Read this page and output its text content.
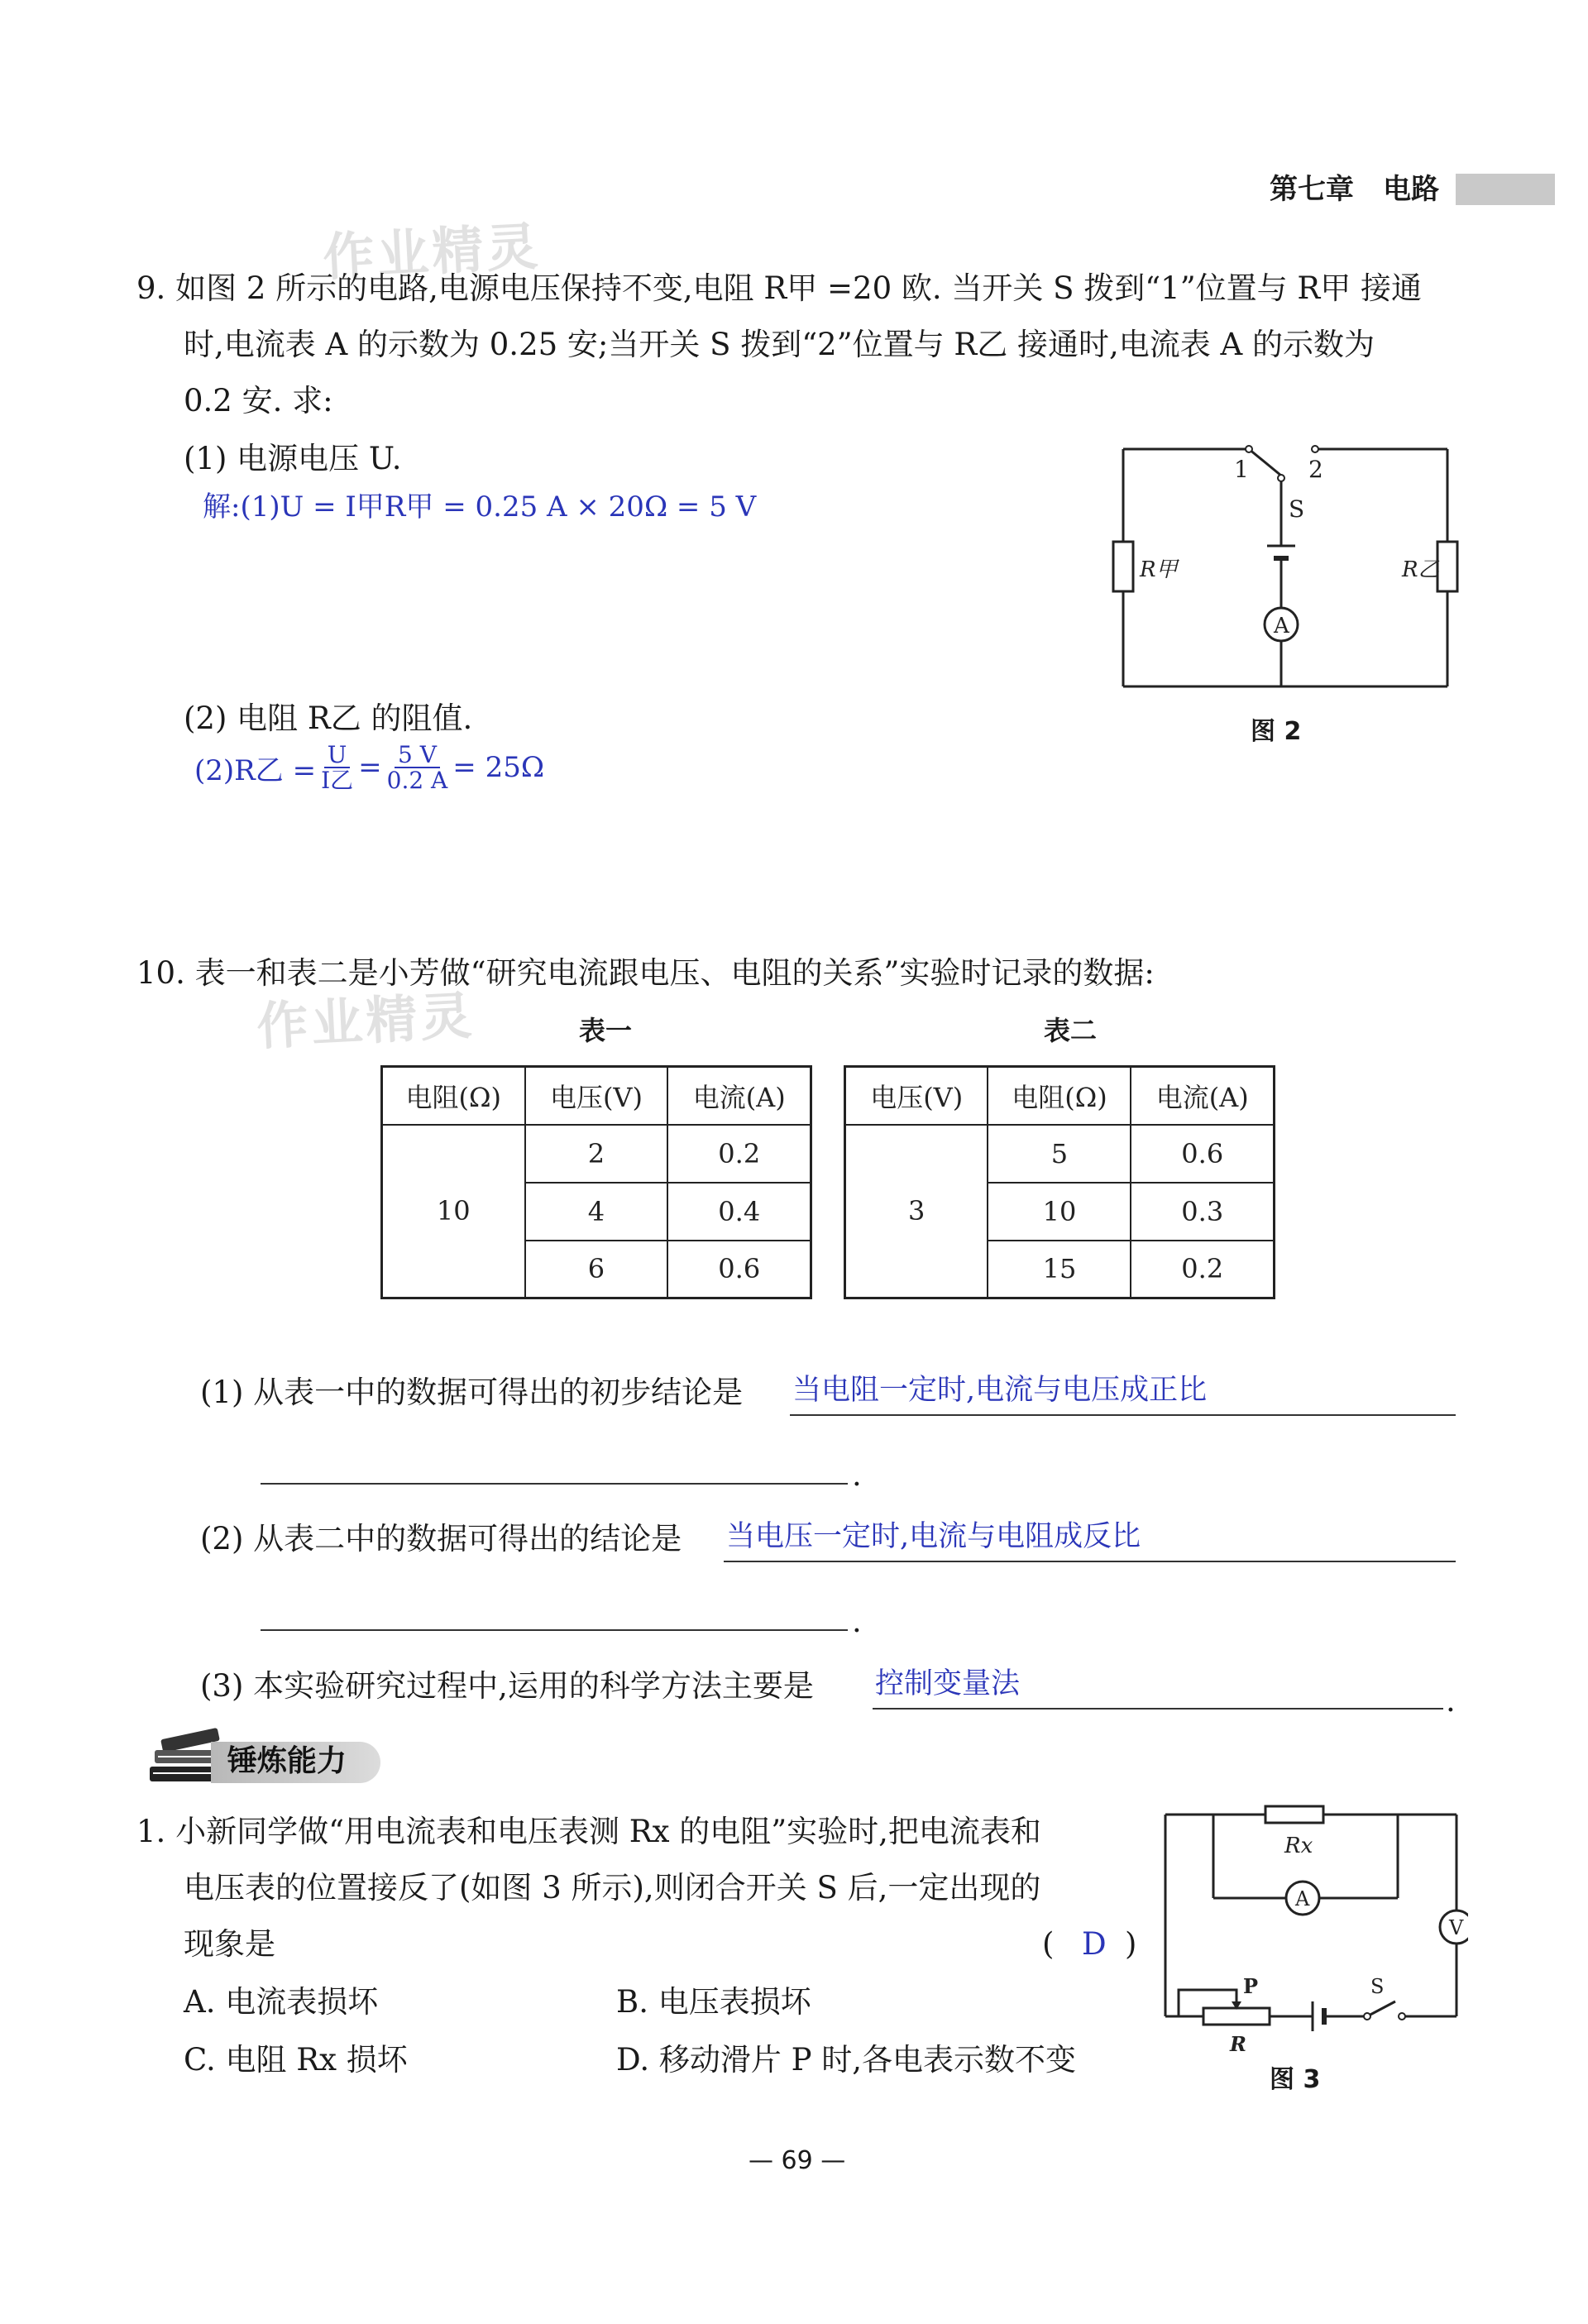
第七章 电路
作业精灵
作业精灵
9. 如图 2 所示的电路,电源电压保持不变,电阻 R甲 =20 欧. 当开关 S 拨到“1”位置与 R甲 接通
时,电流表 A 的示数为 0.25 安;当开关 S 拨到“2”位置与 R乙 接通时,电流表 A 的示数为
0.2 安. 求:
(1) 电源电压 U.
解:(1)U = I甲R甲 = 0.25 A × 20Ω = 5 V
(2) 电阻 R乙 的阻值.
(2)R乙 = U
I乙 = $\frac{5 V}{0.2 A} = 25\Omega$
1	2
S
R甲	R乙
A
图 2
10. 表一和表二是小芳做“研究电流跟电压、电阻的关系”实验时记录的数据:
表一	表二
电阻(Ω)	电压(V)	电流(A)
10	2	0.2
	4	0.4
	6	0.6
电压(V)	电阻(Ω)	电流(A)
3	5	0.6
	10	0.3
	15	0.2
(1) 从表一中的数据可得出的初步结论是 当电阻一定时,电流与电压成正比
.
(2) 从表二中的数据可得出的结论是 当电压一定时,电流与电阻成反比
.
(3) 本实验研究过程中,运用的科学方法主要是 控制变量法	.
锤炼能力
1. 小新同学做“用电流表和电压表测 Rx 的电阻”实验时,把电流表和
电压表的位置接反了(如图 3 所示),则闭合开关 S 后,一定出现的
现象是	( D )
A. 电流表损坏	B. 电压表损坏
C. 电阻 Rx 损坏	D. 移动滑片 P 时,各电表示数不变
Rx
A
V
P
R
S
图 3
— 69 —
